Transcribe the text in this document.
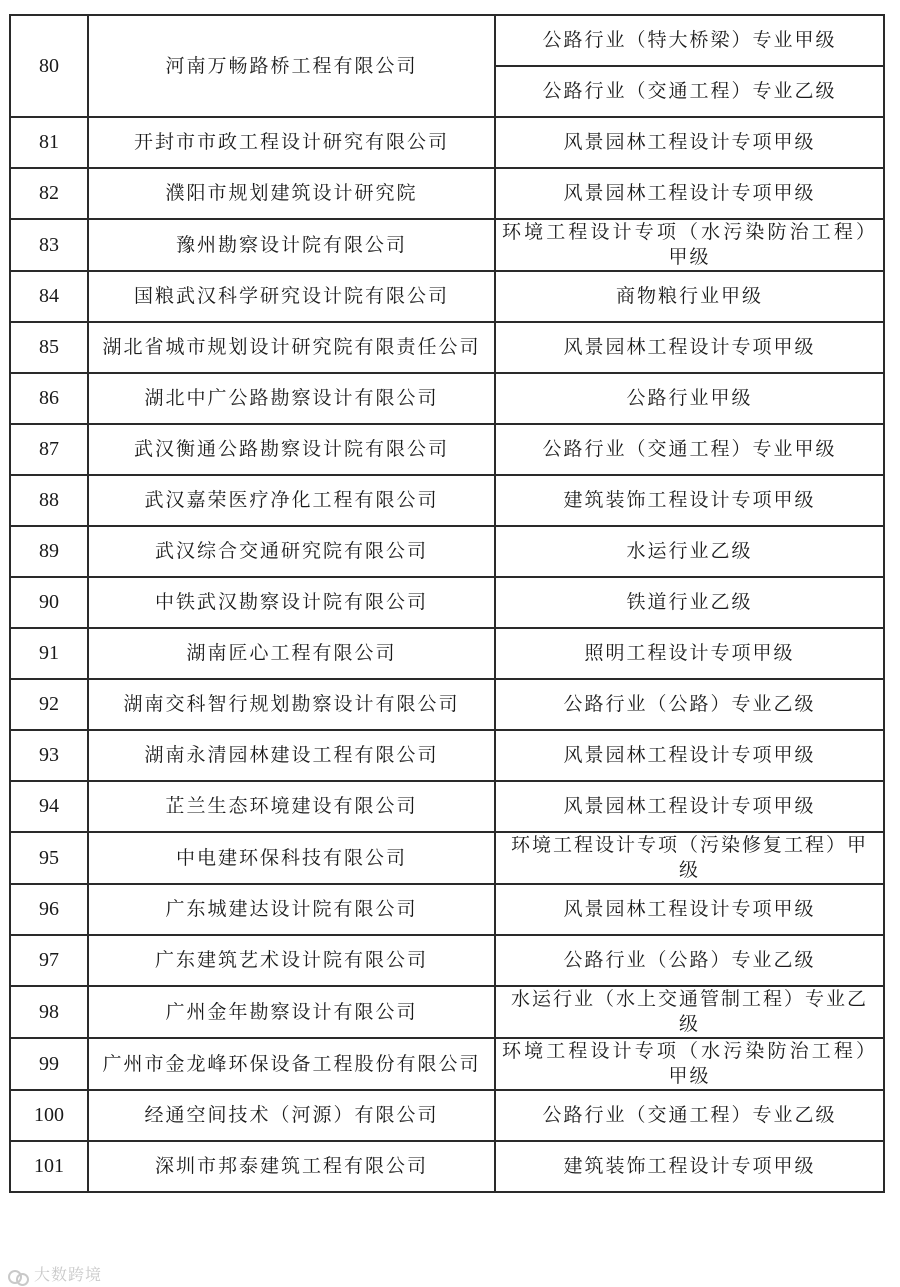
80	河南万畅路桥工程有限公司	公路行业（特大桥梁）专业甲级
		公路行业（交通工程）专业乙级
81	开封市市政工程设计研究有限公司	风景园林工程设计专项甲级
82	濮阳市规划建筑设计研究院	风景园林工程设计专项甲级
83	豫州勘察设计院有限公司	环境工程设计专项（水污染防治工程）甲级
84	国粮武汉科学研究设计院有限公司	商物粮行业甲级
85	湖北省城市规划设计研究院有限责任公司	风景园林工程设计专项甲级
86	湖北中广公路勘察设计有限公司	公路行业甲级
87	武汉衡通公路勘察设计院有限公司	公路行业（交通工程）专业甲级
88	武汉嘉荣医疗净化工程有限公司	建筑装饰工程设计专项甲级
89	武汉综合交通研究院有限公司	水运行业乙级
90	中铁武汉勘察设计院有限公司	铁道行业乙级
91	湖南匠心工程有限公司	照明工程设计专项甲级
92	湖南交科智行规划勘察设计有限公司	公路行业（公路）专业乙级
93	湖南永清园林建设工程有限公司	风景园林工程设计专项甲级
94	芷兰生态环境建设有限公司	风景园林工程设计专项甲级
95	中电建环保科技有限公司	环境工程设计专项（污染修复工程）甲级
96	广东城建达设计院有限公司	风景园林工程设计专项甲级
97	广东建筑艺术设计院有限公司	公路行业（公路）专业乙级
98	广州金年勘察设计有限公司	水运行业（水上交通管制工程）专业乙级
99	广州市金龙峰环保设备工程股份有限公司	环境工程设计专项（水污染防治工程）甲级
100	经通空间技术（河源）有限公司	公路行业（交通工程）专业乙级
101	深圳市邦泰建筑工程有限公司	建筑装饰工程设计专项甲级
大数跨境
